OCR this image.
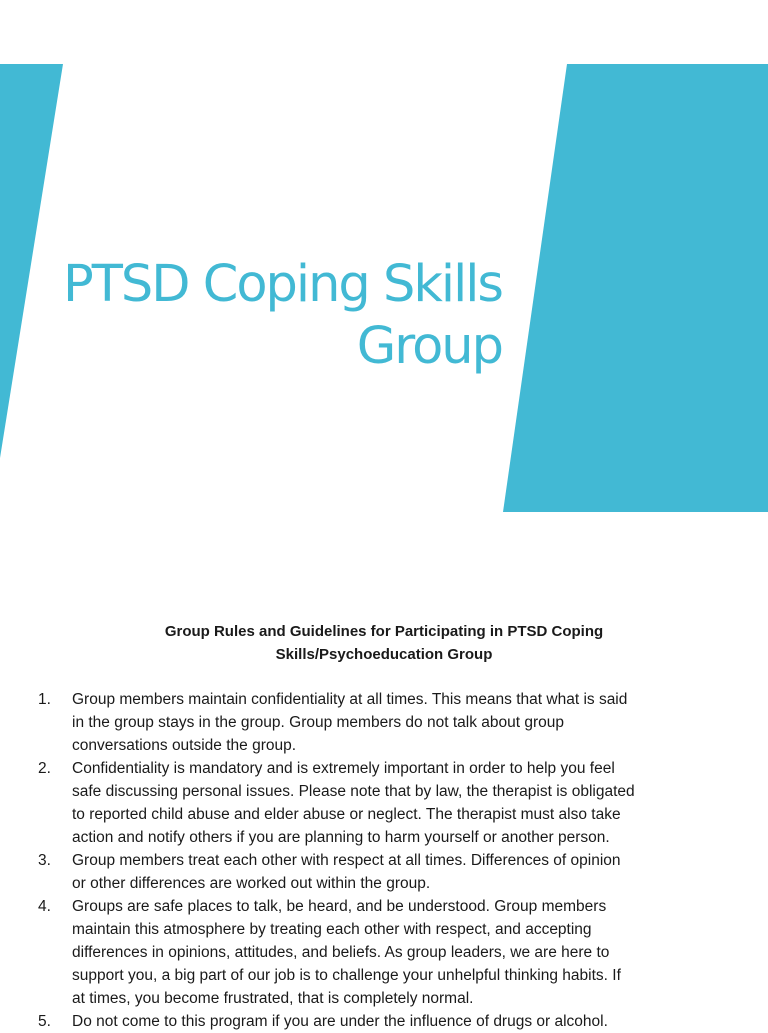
PTSD Coping Skills
Group
Group Rules and Guidelines for Participating in PTSD Coping
Skills/Psychoeducation Group
1.	Group members maintain confidentiality at all times. This means that what is said
in the group stays in the group. Group members do not talk about group
conversations outside the group.
2.	Confidentiality is mandatory and is extremely important in order to help you feel
safe discussing personal issues. Please note that by law, the therapist is obligated
to reported child abuse and elder abuse or neglect. The therapist must also take
action and notify others if you are planning to harm yourself or another person.
3.	Group members treat each other with respect at all times. Differences of opinion
or other differences are worked out within the group.
4.	Groups are safe places to talk, be heard, and be understood. Group members
maintain this atmosphere by treating each other with respect, and accepting
differences in opinions, attitudes, and beliefs. As group leaders, we are here to
support you, a big part of our job is to challenge your unhelpful thinking habits. If
at times, you become frustrated, that is completely normal.
5.	Do not come to this program if you are under the influence of drugs or alcohol.
